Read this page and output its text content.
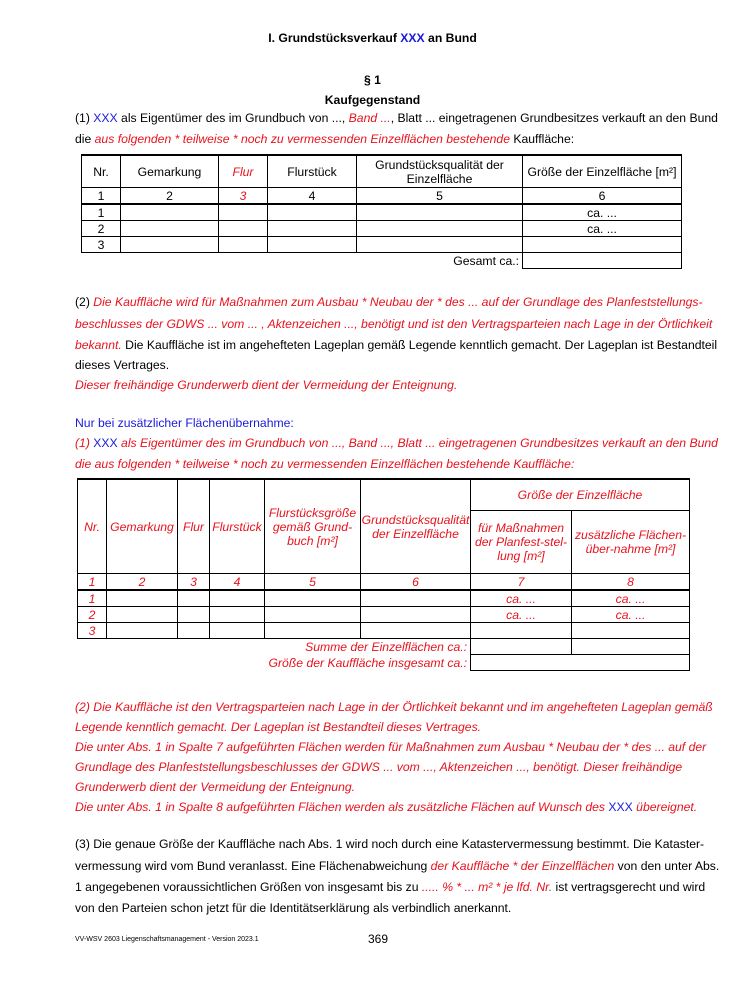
I. Grundstücksverkauf XXX an Bund
§ 1
Kaufgegenstand
(1) XXX als Eigentümer des im Grundbuch von ..., Band ..., Blatt ... eingetragenen Grundbesitzes verkauft an den Bund
die aus folgenden * teilweise * noch zu vermessenden Einzelflächen bestehende Kauffläche:
Nr.	Gemarkung	Flur	Flurstück	Grundstücksqualität der Einzelfläche	Größe der Einzelfläche [m²]
1	2	3	4	5	6
1					ca. ...
2					ca. ...
3					
Gesamt ca.:					
(2) Die Kauffläche wird für Maßnahmen zum Ausbau * Neubau der * des ... auf der Grundlage des Planfeststellungs-
beschlusses der GDWS ... vom ... , Aktenzeichen ..., benötigt und ist den Vertragsparteien nach Lage in der Örtlichkeit
bekannt. Die Kauffläche ist im angehefteten Lageplan gemäß Legende kenntlich gemacht. Der Lageplan ist Bestandteil
dieses Vertrages.
Dieser freihändige Grunderwerb dient der Vermeidung der Enteignung.
Nur bei zusätzlicher Flächenübernahme:
(1) XXX als Eigentümer des im Grundbuch von ..., Band ..., Blatt ... eingetragenen Grundbesitzes verkauft an den Bund
die aus folgenden * teilweise * noch zu vermessenden Einzelflächen bestehende Kauffläche:
Nr.	Gemarkung	Flur	Flurstück	Flurstücksgröße gemäß Grund-buch [m²]	Grundstücksqualität der Einzelfläche	Größe der Einzelfläche	
						für Maßnahmen der Planfest-stel-lung [m²]	zusätzliche Flächen-über-nahme [m²]
1	2	3	4	5	6	7	8
1						ca. ...	ca. ...
2						ca. ...	ca. ...
3							
Summe der Einzelflächen ca.:							
Größe der Kauffläche insgesamt ca.:							
(2) Die Kauffläche ist den Vertragsparteien nach Lage in der Örtlichkeit bekannt und im angehefteten Lageplan gemäß
Legende kenntlich gemacht. Der Lageplan ist Bestandteil dieses Vertrages.
Die unter Abs. 1 in Spalte 7 aufgeführten Flächen werden für Maßnahmen zum Ausbau * Neubau der * des ... auf der
Grundlage des Planfeststellungsbeschlusses der GDWS ... vom ..., Aktenzeichen ..., benötigt. Dieser freihändige
Grunderwerb dient der Vermeidung der Enteignung.
Die unter Abs. 1 in Spalte 8 aufgeführten Flächen werden als zusätzliche Flächen auf Wunsch des XXX übereignet.
(3) Die genaue Größe der Kauffläche nach Abs. 1 wird noch durch eine Katastervermessung bestimmt. Die Kataster-
vermessung wird vom Bund veranlasst. Eine Flächenabweichung der Kauffläche * der Einzelflächen von den unter Abs.
1 angegebenen voraussichtlichen Größen von insgesamt bis zu ..... % * ... m² * je lfd. Nr. ist vertragsgerecht und wird
von den Parteien schon jetzt für die Identitätserklärung als verbindlich anerkannt.
VV-WSV 2603 Liegenschaftsmanagement - Version 2023.1	369
